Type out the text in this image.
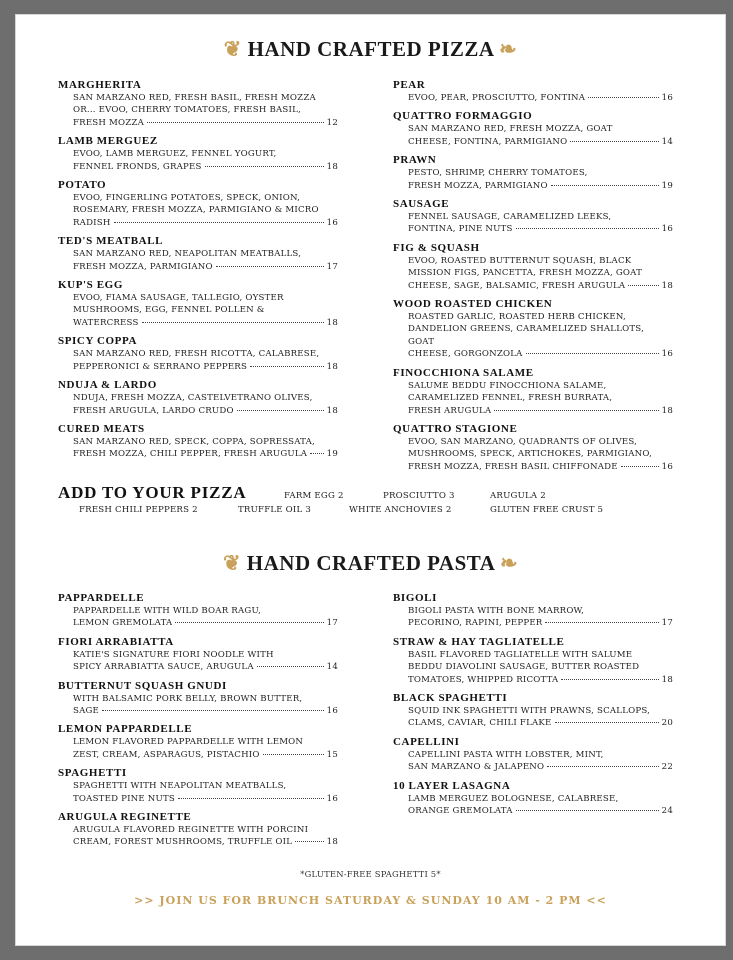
❦ HAND CRAFTED PIZZA ❧
MARGHERITA
SAN MARZANO RED, FRESH BASIL, FRESH MOZZA
OR... EVOO, CHERRY TOMATOES, FRESH BASIL,
FRESH MOZZA	12
LAMB MERGUEZ
EVOO, LAMB MERGUEZ, FENNEL YOGURT,
FENNEL FRONDS, GRAPES	18
POTATO
EVOO, FINGERLING POTATOES, SPECK, ONION,
ROSEMARY, FRESH MOZZA, PARMIGIANO & MICRO
RADISH	16
TED'S MEATBALL
SAN MARZANO RED, NEAPOLITAN MEATBALLS,
FRESH MOZZA, PARMIGIANO	17
KUP'S EGG
EVOO, FIAMA SAUSAGE, TALLEGIO, OYSTER
MUSHROOMS, EGG, FENNEL POLLEN &
WATERCRESS	18
SPICY COPPA
SAN MARZANO RED, FRESH RICOTTA, CALABRESE,
PEPPERONICI & SERRANO PEPPERS	18
NDUJA & LARDO
NDUJA, FRESH MOZZA, CASTELVETRANO OLIVES,
FRESH ARUGULA, LARDO CRUDO	18
CURED MEATS
SAN MARZANO RED, SPECK, COPPA, SOPRESSATA,
FRESH MOZZA, CHILI PEPPER, FRESH ARUGULA 19
PEAR
EVOO, PEAR, PROSCIUTTO, FONTINA	16
QUATTRO FORMAGGIO
SAN MARZANO RED, FRESH MOZZA, GOAT
CHEESE, FONTINA, PARMIGIANO	14
PRAWN
PESTO, SHRIMP, CHERRY TOMATOES,
FRESH MOZZA, PARMIGIANO	19
SAUSAGE
FENNEL SAUSAGE, CARAMELIZED LEEKS,
FONTINA, PINE NUTS	16
FIG & SQUASH
EVOO, ROASTED BUTTERNUT SQUASH, BLACK
MISSION FIGS, PANCETTA, FRESH MOZZA, GOAT
CHEESE, SAGE, BALSAMIC, FRESH ARUGULA	18
WOOD ROASTED CHICKEN
ROASTED GARLIC, ROASTED HERB CHICKEN,
DANDELION GREENS, CARAMELIZED SHALLOTS, GOAT
CHEESE, GORGONZOLA	16
FINOCCHIONA SALAME
SALUME BEDDU FINOCCHIONA SALAME,
CARAMELIZED FENNEL, FRESH BURRATA,
FRESH ARUGULA	18
QUATTRO STAGIONE
EVOO, SAN MARZANO, QUADRANTS OF OLIVES,
MUSHROOMS, SPECK, ARTICHOKES, PARMIGIANO,
FRESH MOZZA, FRESH BASIL CHIFFONADE	16
ADD TO YOUR PIZZA	FARM EGG 2	PROSCIUTTO 3	ARUGULA 2
FRESH CHILI PEPPERS 2	TRUFFLE OIL 3	WHITE ANCHOVIES 2	GLUTEN FREE CRUST 5
❦ HAND CRAFTED PASTA ❧
PAPPARDELLE
PAPPARDELLE WITH WILD BOAR RAGU,
LEMON GREMOLATA	17
FIORI ARRABIATTA
KATIE'S SIGNATURE FIORI NOODLE WITH
SPICY ARRABIATTA SAUCE, ARUGULA	14
BUTTERNUT SQUASH GNUDI
WITH BALSAMIC PORK BELLY, BROWN BUTTER,
SAGE	16
LEMON PAPPARDELLE
LEMON FLAVORED PAPPARDELLE WITH LEMON
ZEST, CREAM, ASPARAGUS, PISTACHIO	15
SPAGHETTI
SPAGHETTI WITH NEAPOLITAN MEATBALLS,
TOASTED PINE NUTS	16
ARUGULA REGINETTE
ARUGULA FLAVORED REGINETTE WITH PORCINI
CREAM, FOREST MUSHROOMS, TRUFFLE OIL	18
BIGOLI
BIGOLI PASTA WITH BONE MARROW,
PECORINO, RAPINI, PEPPER	17
STRAW & HAY TAGLIATELLE
BASIL FLAVORED TAGLIATELLE WITH SALUME
BEDDU DIAVOLINI SAUSAGE, BUTTER ROASTED
TOMATOES, WHIPPED RICOTTA	18
BLACK SPAGHETTI
SQUID INK SPAGHETTI WITH PRAWNS, SCALLOPS,
CLAMS, CAVIAR, CHILI FLAKE	20
CAPELLINI
CAPELLINI PASTA WITH LOBSTER, MINT,
SAN MARZANO & JALAPENO	22
10 LAYER LASAGNA
LAMB MERGUEZ BOLOGNESE, CALABRESE,
ORANGE GREMOLATA	24
*GLUTEN-FREE SPAGHETTI 5*
>> JOIN US FOR BRUNCH SATURDAY & SUNDAY 10 AM - 2 PM <<
